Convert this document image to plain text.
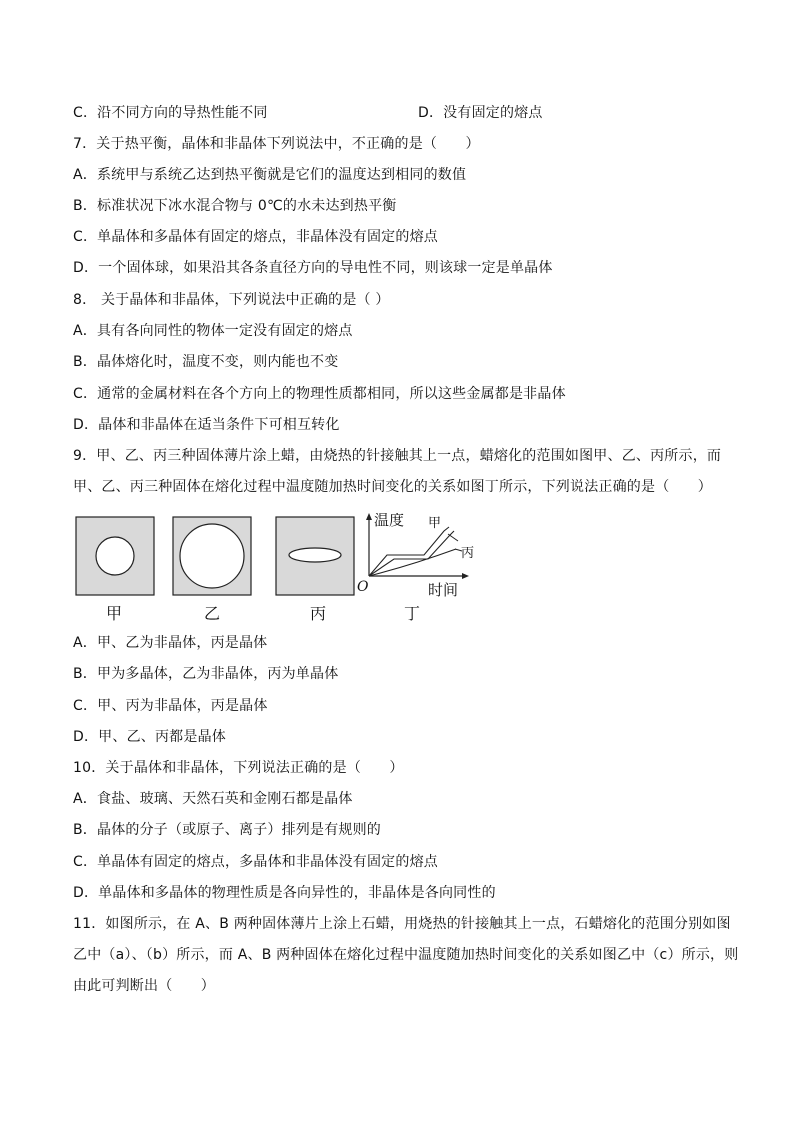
C．沿不同方向的导热性能不同	D．没有固定的熔点
7．关于热平衡，晶体和非晶体下列说法中，不正确的是（　　）
A．系统甲与系统乙达到热平衡就是它们的温度达到相同的数值
B．标准状况下冰水混合物与 0℃的水未达到热平衡
C．单晶体和多晶体有固定的熔点，非晶体没有固定的熔点
D．一个固体球，如果沿其各条直径方向的导电性不同，则该球一定是单晶体
8． 关于晶体和非晶体，下列说法中正确的是（ ）
A．具有各向同性的物体一定没有固定的熔点
B．晶体熔化时，温度不变，则内能也不变
C．通常的金属材料在各个方向上的物理性质都相同，所以这些金属都是非晶体
D．晶体和非晶体在适当条件下可相互转化
9．甲、乙、丙三种固体薄片涂上蜡，由烧热的针接触其上一点，蜡熔化的范围如图甲、乙、丙所示，而
甲、乙、丙三种固体在熔化过程中温度随加热时间变化的关系如图丁所示，下列说法正确的是（　　）
温度
时间
O
甲
丙
甲	乙	丙	丁
A．甲、乙为非晶体，丙是晶体
B．甲为多晶体，乙为非晶体，丙为单晶体
C．甲、丙为非晶体，丙是晶体
D．甲、乙、丙都是晶体
10．关于晶体和非晶体，下列说法正确的是（　　）
A．食盐、玻璃、天然石英和金刚石都是晶体
B．晶体的分子（或原子、离子）排列是有规则的
C．单晶体有固定的熔点，多晶体和非晶体没有固定的熔点
D．单晶体和多晶体的物理性质是各向异性的，非晶体是各向同性的
11．如图所示，在 A、B 两种固体薄片上涂上石蜡，用烧热的针接触其上一点，石蜡熔化的范围分别如图
乙中（a）、（b）所示，而 A、B 两种固体在熔化过程中温度随加热时间变化的关系如图乙中（c）所示，则
由此可判断出（　　）
